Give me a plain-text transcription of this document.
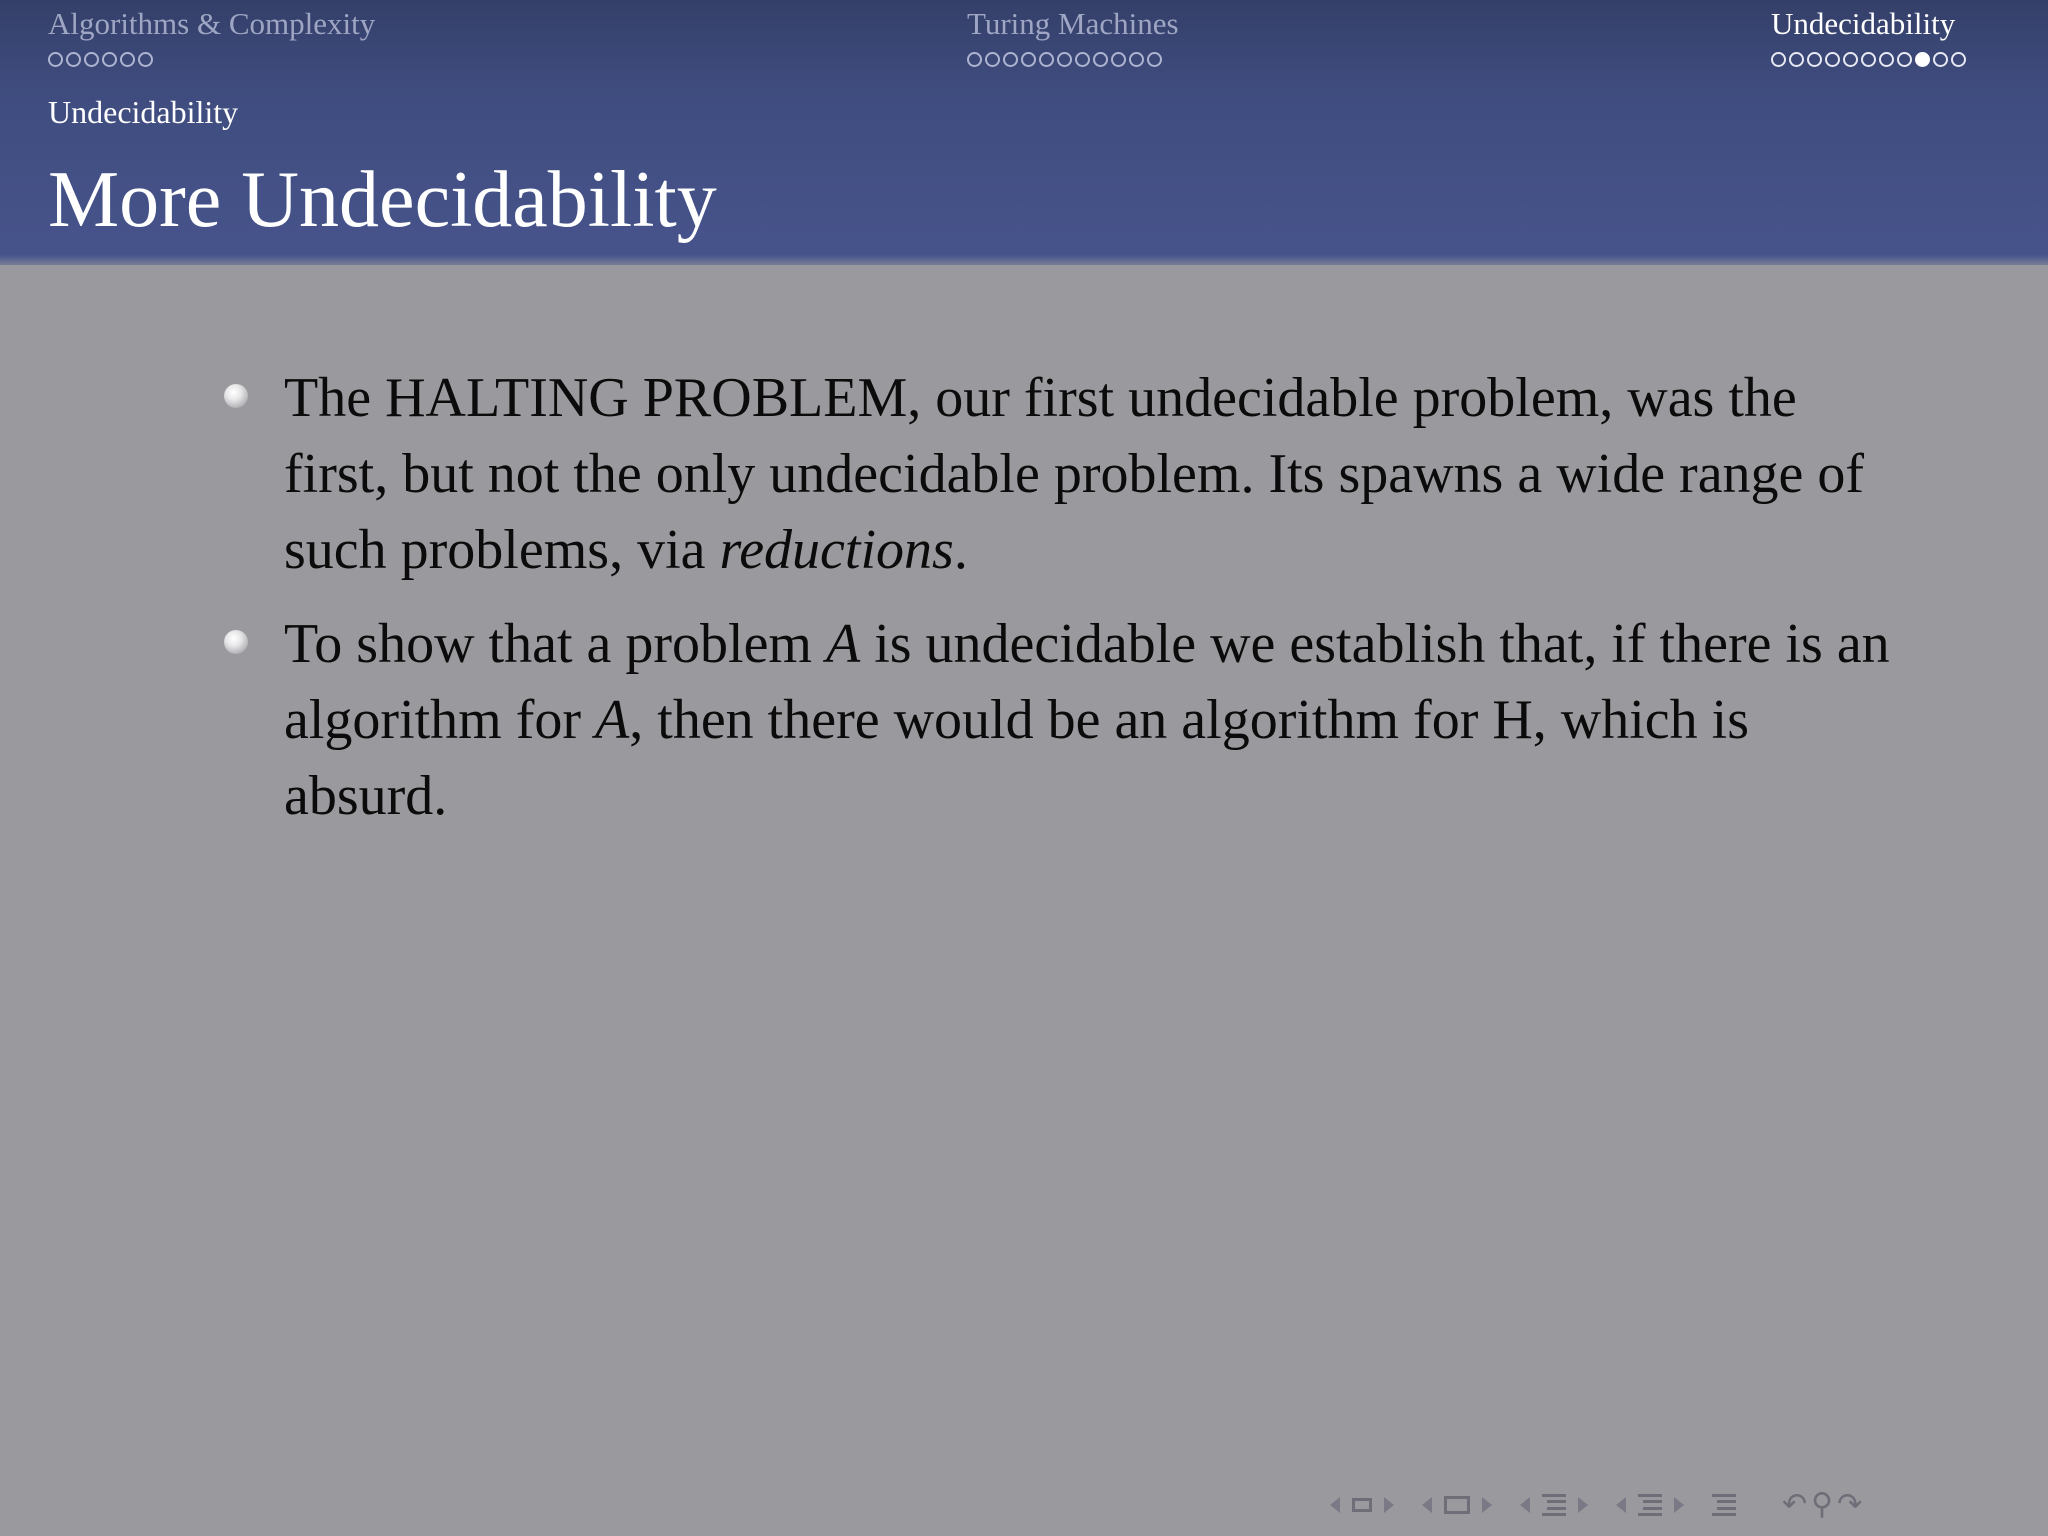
Algorithms & Complexity	Turing Machines	Undecidability
Undecidability
More Undecidability
The HALTING PROBLEM, our first undecidable problem, was the first, but not the only undecidable problem. Its spawns a wide range of such problems, via reductions.
To show that a problem A is undecidable we establish that, if there is an algorithm for A, then there would be an algorithm for H, which is absurd.
↶ ⚲ ↷
